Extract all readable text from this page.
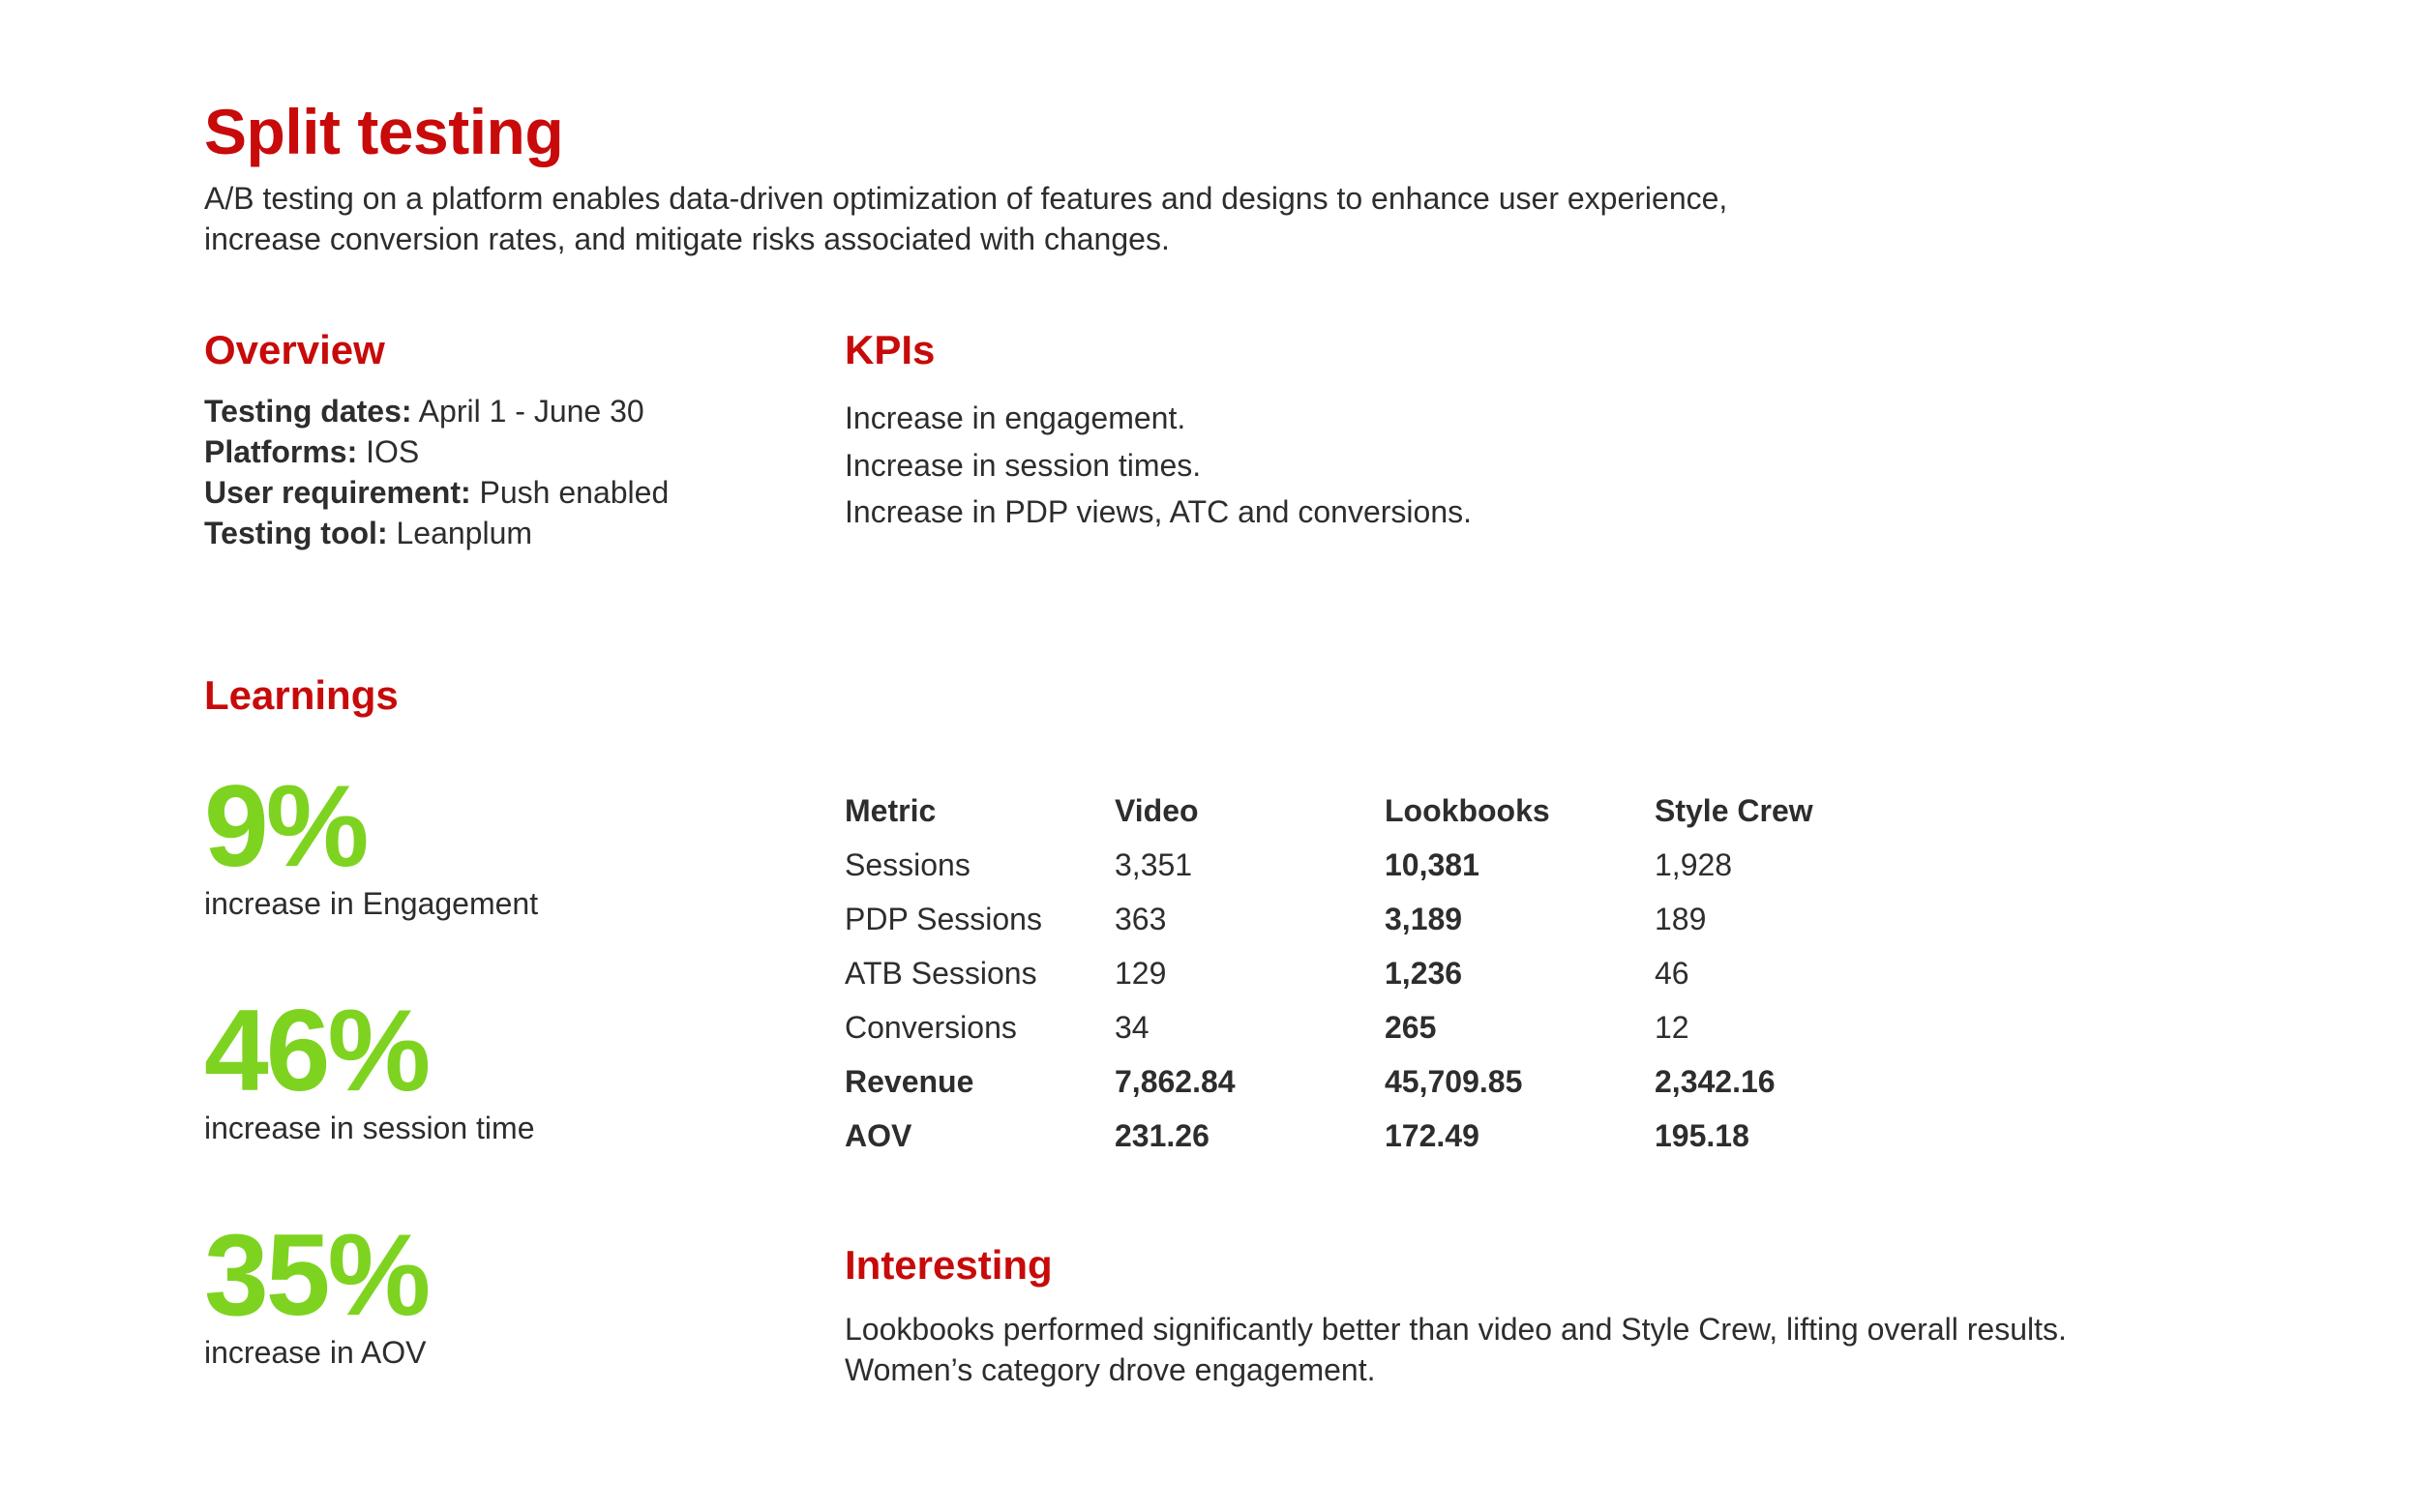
Split testing

A/B testing on a platform enables data-driven optimization of features and designs to enhance user experience,
increase conversion rates, and mitigate risks associated with changes.

Overview
Testing dates: April 1 - June 30
Platforms: IOS
User requirement: Push enabled
Testing tool: Leanplum
KPIs
Increase in engagement.
Increase in session times.
Increase in PDP views, ATC and conversions.
Learnings
9%
increase in Engagement
46%
increase in session time
35%
increase in AOV
Metric	Video	Lookbooks	Style Crew
Sessions	3,351	10,381	1,928
PDP Sessions	363	3,189	189
ATB Sessions	129	1,236	46
Conversions	34	265	12
Revenue	7,862.84	45,709.85	2,342.16
AOV	231.26	172.49	195.18
Interesting

Lookbooks performed significantly better than video and Style Crew, lifting overall results.
Women’s category drove engagement.
